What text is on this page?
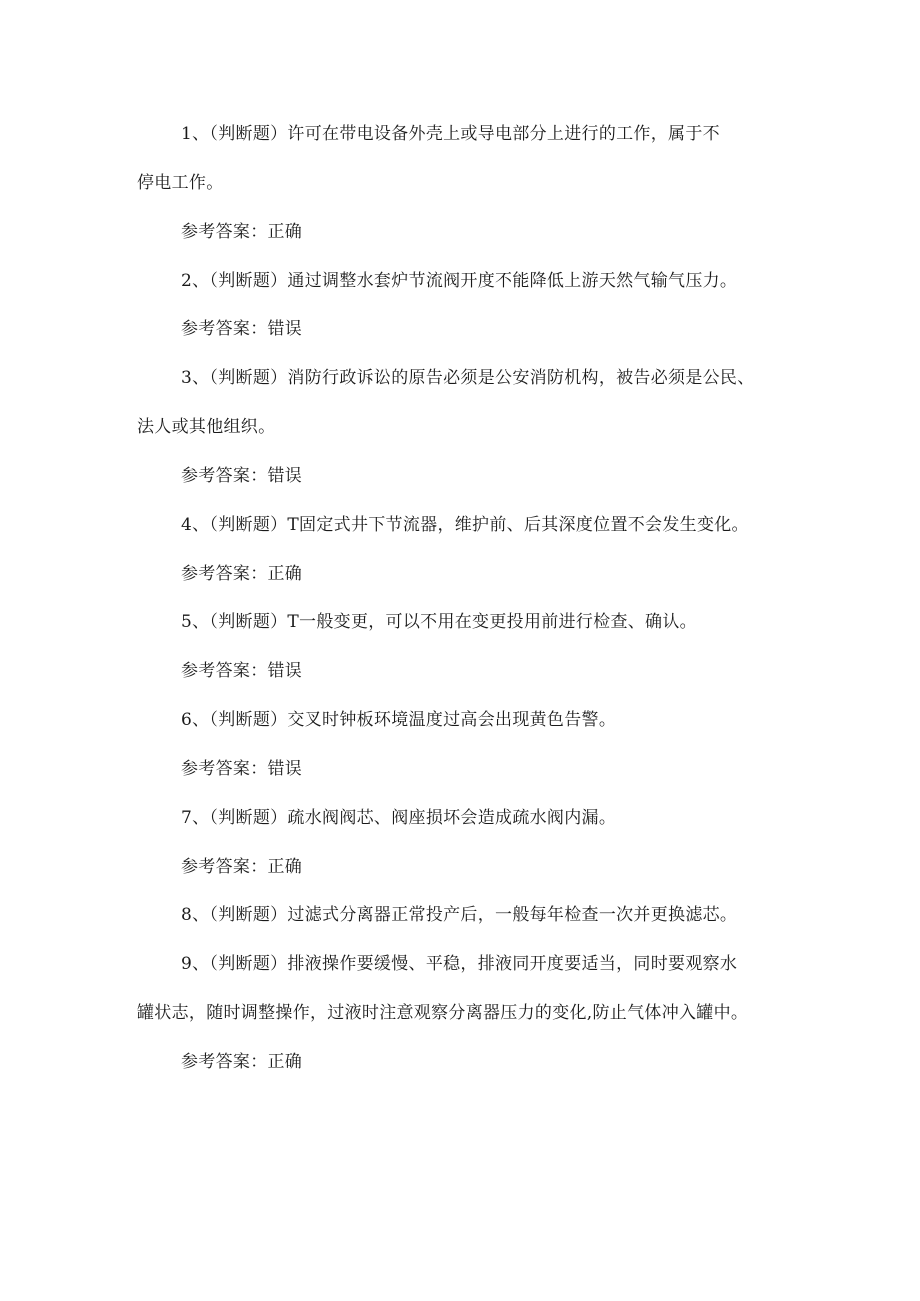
1、（判断题）许可在带电设备外壳上或导电部分上进行的工作，属于不
停电工作。
参考答案：正确
2、（判断题）通过调整水套炉节流阀开度不能降低上游天然气输气压力。
参考答案：错误
3、（判断题）消防行政诉讼的原告必须是公安消防机构，被告必须是公民、
法人或其他组织。
参考答案：错误
4、（判断题）T固定式井下节流器，维护前、后其深度位置不会发生变化。
参考答案：正确
5、（判断题）T一般变更，可以不用在变更投用前进行检查、确认。
参考答案：错误
6、（判断题）交叉时钟板环境温度过高会出现黄色告警。
参考答案：错误
7、（判断题）疏水阀阀芯、阀座损坏会造成疏水阀内漏。
参考答案：正确
8、（判断题）过滤式分离器正常投产后，一般每年检查一次并更换滤芯。
9、（判断题）排液操作要缓慢、平稳，排液同开度要适当，同时要观察水
罐状志，随时调整操作，过液时注意观察分离器压力的变化,防止气体冲入罐中。
参考答案：正确
